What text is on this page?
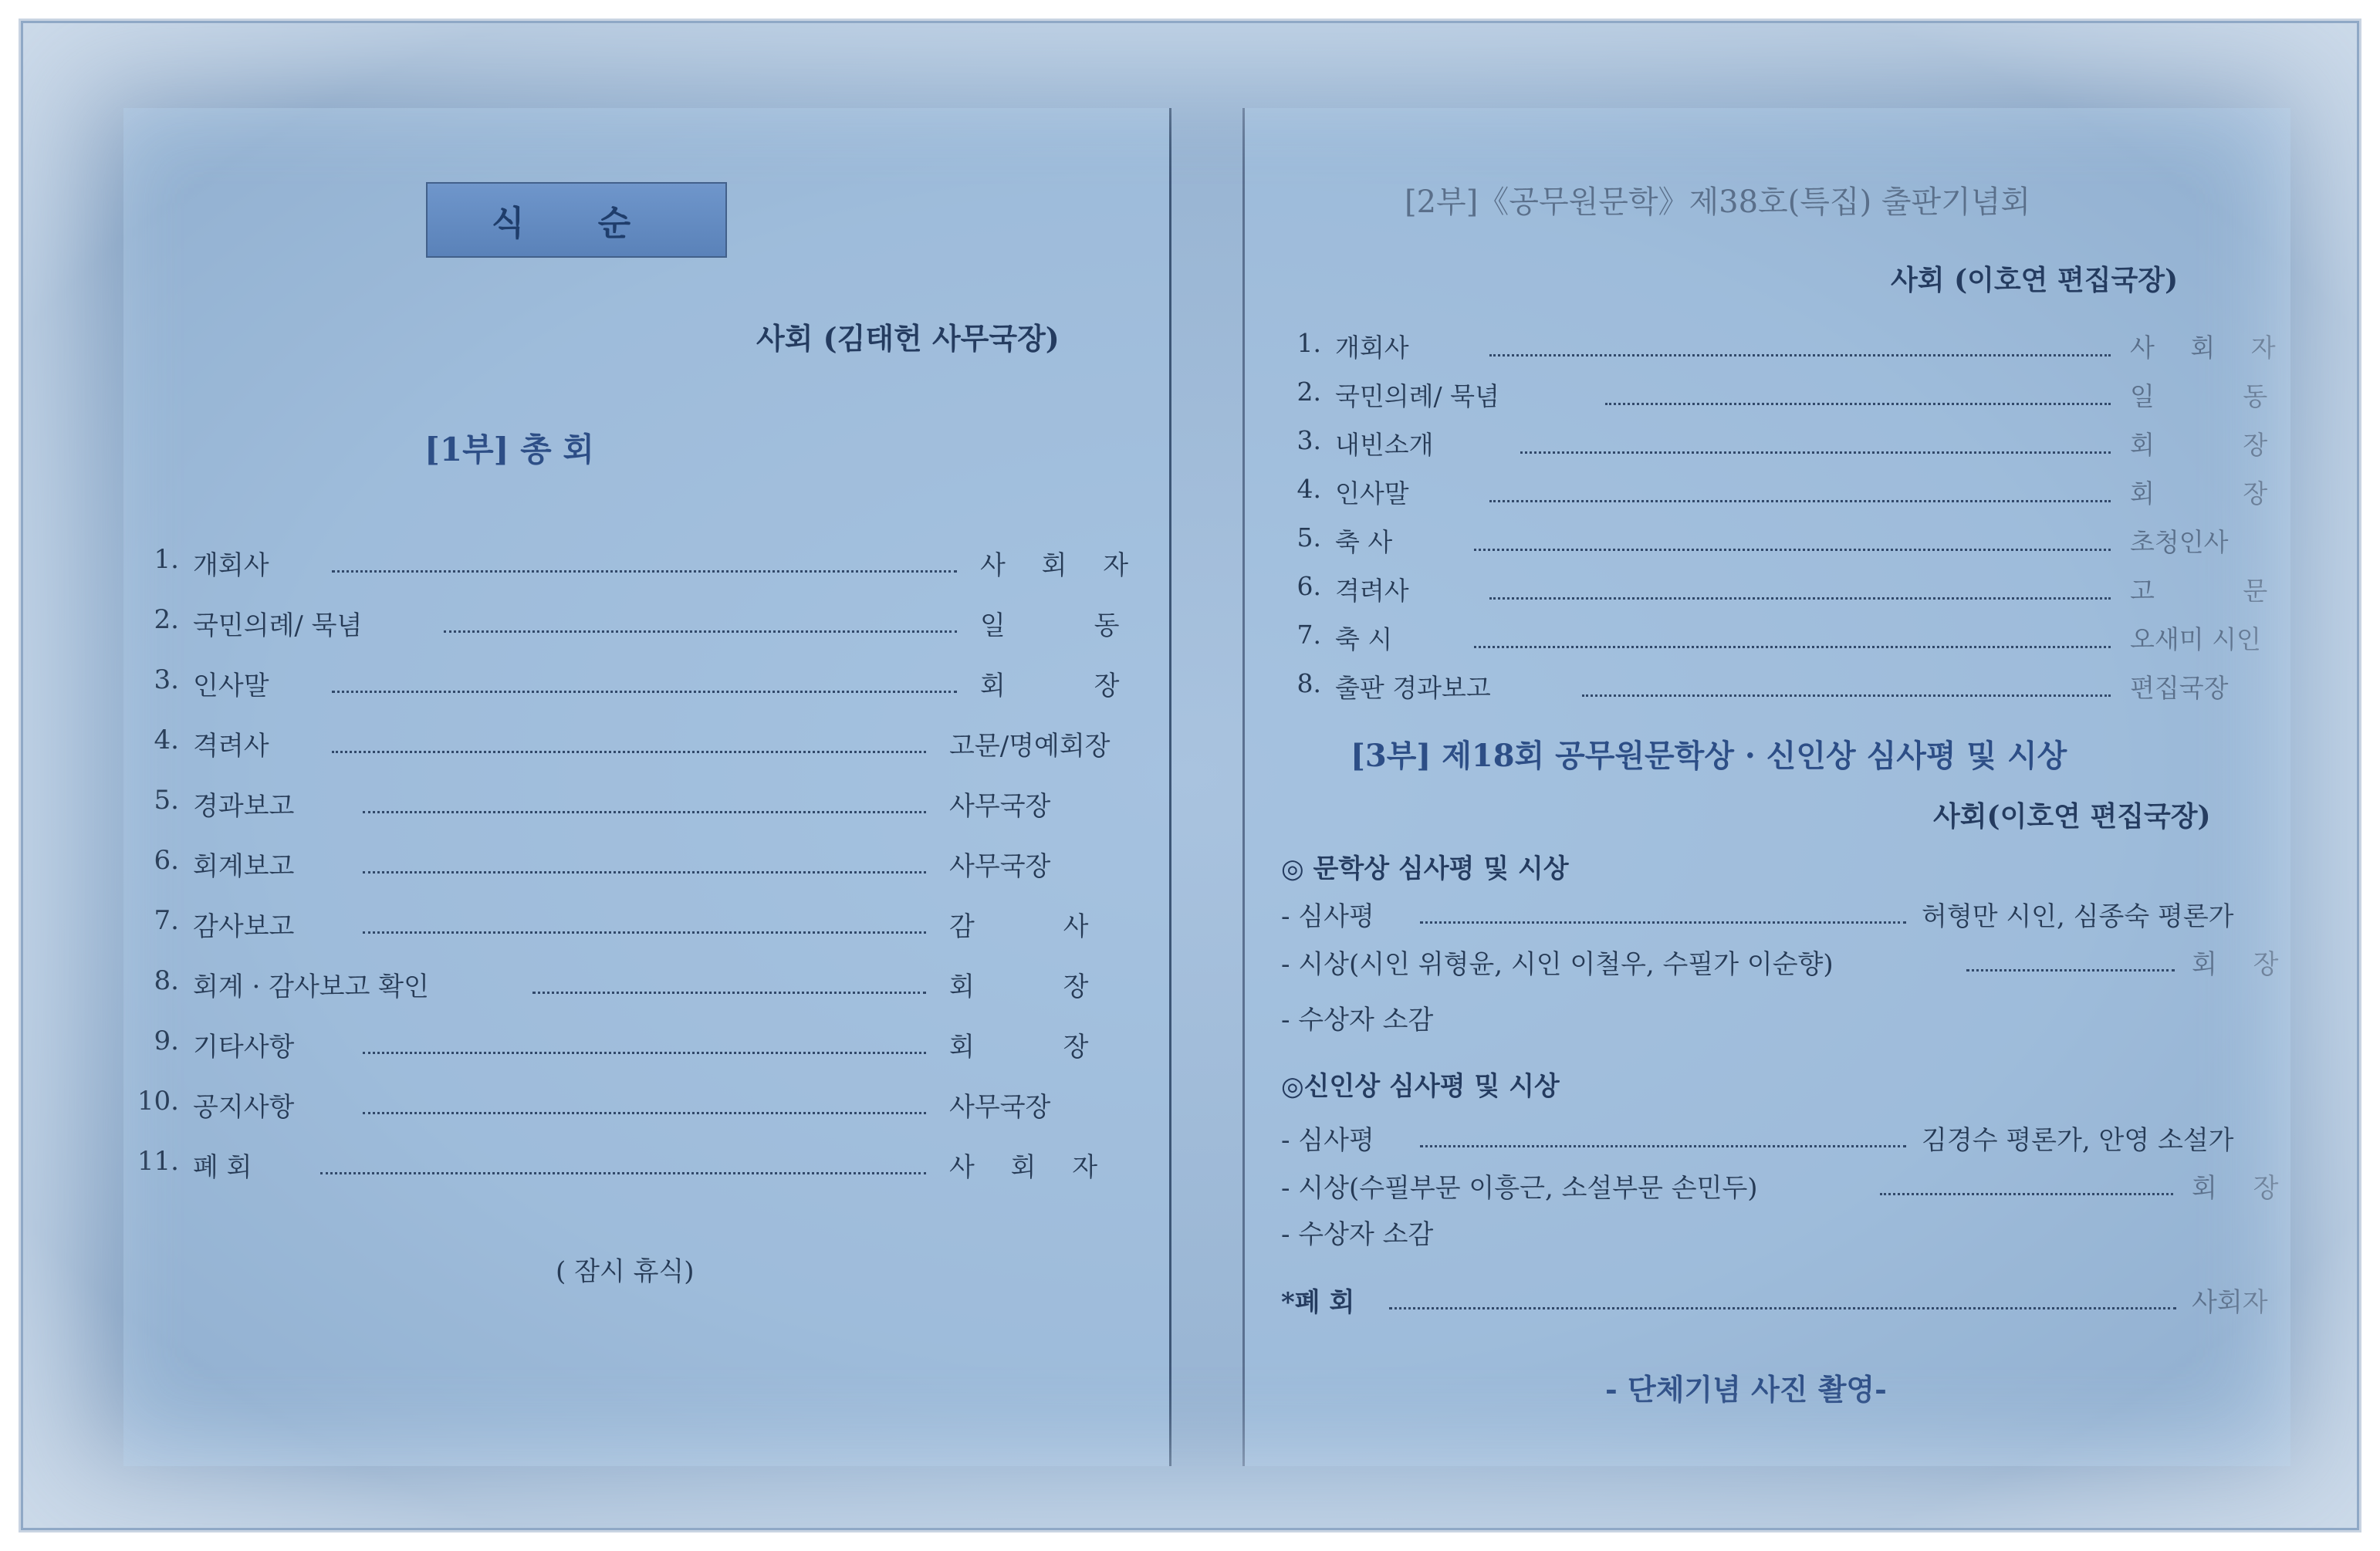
식 순
사회 (김태헌 사무국장)
[1부] 총 회
1. 개회사	사 회 자
2. 국민의례/ 묵념	일 동
3. 인사말	회 장
4. 격려사	고문/명예회장
5. 경과보고	사무국장
6. 회계보고	사무국장
7. 감사보고	감 사
8. 회계 · 감사보고 확인	회 장
9. 기타사항	회 장
10. 공지사항	사무국장
11. 폐 회	사 회 자
( 잠시 휴식)
[2부]《공무원문학》제38호(특집) 출판기념회
사회 (이호연 편집국장)
1. 개회사	사 회 자
2. 국민의례/ 묵념	일 동
3. 내빈소개	회 장
4. 인사말	회 장
5. 축 사	초청인사
6. 격려사	고 문
7. 축 시	오새미 시인
8. 출판 경과보고	편집국장
[3부] 제18회 공무원문학상 · 신인상 심사평 및 시상
사회(이호연 편집국장)
◎ 문학상 심사평 및 시상
- 심사평	허형만 시인, 심종숙 평론가
- 시상(시인 위형윤, 시인 이철우, 수필가 이순향)	회 장
- 수상자 소감
◎신인상 심사평 및 시상
- 심사평	김경수 평론가, 안영 소설가
- 시상(수필부문 이흥근, 소설부문 손민두)	회 장
- 수상자 소감
*폐 회	사회자
- 단체기념 사진 촬영-
